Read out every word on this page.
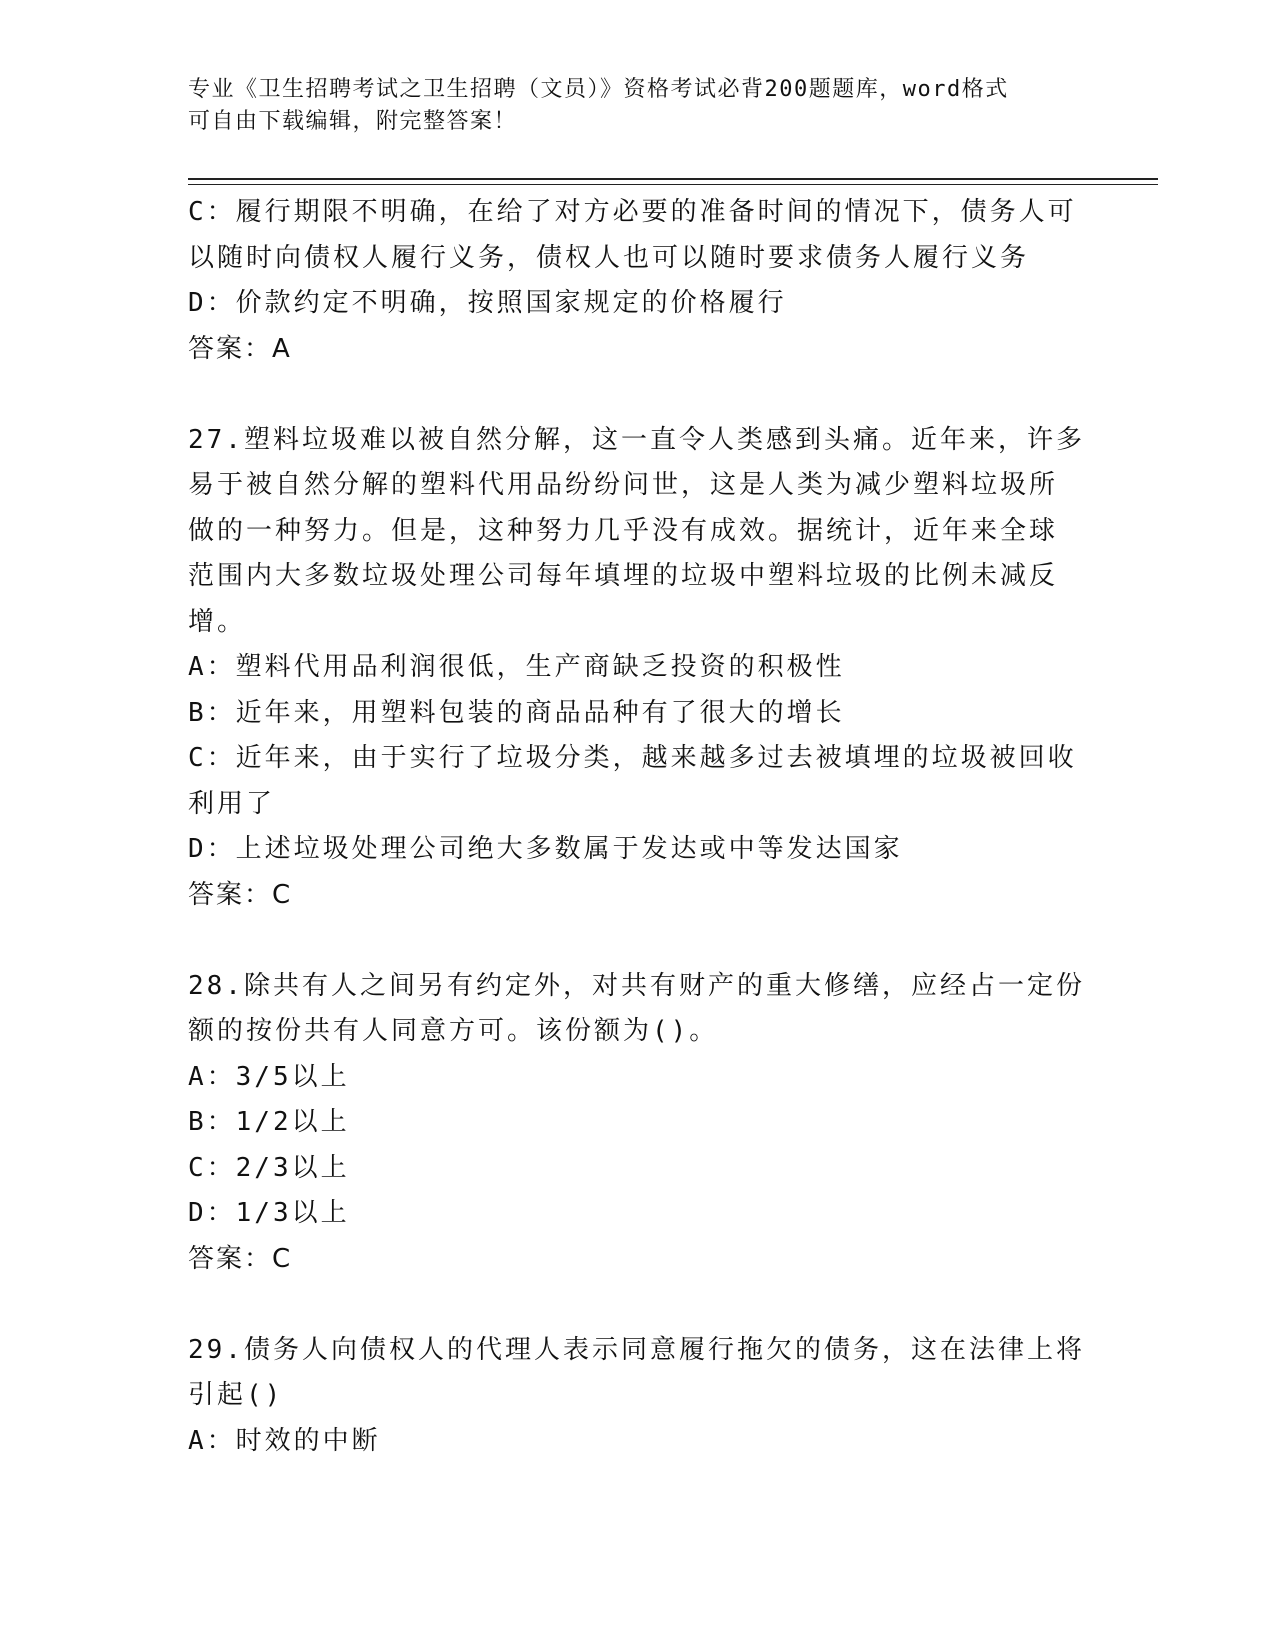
专业《卫生招聘考试之卫生招聘（文员）》资格考试必背200题题库，word格式
可自由下载编辑，附完整答案！
C：履行期限不明确，在给了对方必要的准备时间的情况下，债务人可
以随时向债权人履行义务，债权人也可以随时要求债务人履行义务
D：价款约定不明确，按照国家规定的价格履行
答案：A
27.塑料垃圾难以被自然分解，这一直令人类感到头痛。近年来，许多
易于被自然分解的塑料代用品纷纷问世，这是人类为减少塑料垃圾所
做的一种努力。但是，这种努力几乎没有成效。据统计，近年来全球
范围内大多数垃圾处理公司每年填埋的垃圾中塑料垃圾的比例未减反
增。
A：塑料代用品利润很低，生产商缺乏投资的积极性
B：近年来，用塑料包装的商品品种有了很大的增长
C：近年来，由于实行了垃圾分类，越来越多过去被填埋的垃圾被回收
利用了
D：上述垃圾处理公司绝大多数属于发达或中等发达国家
答案：C
28.除共有人之间另有约定外，对共有财产的重大修缮，应经占一定份
额的按份共有人同意方可。该份额为()。
A：3/5以上
B：1/2以上
C：2/3以上
D：1/3以上
答案：C
29.债务人向债权人的代理人表示同意履行拖欠的债务，这在法律上将
引起()
A：时效的中断
